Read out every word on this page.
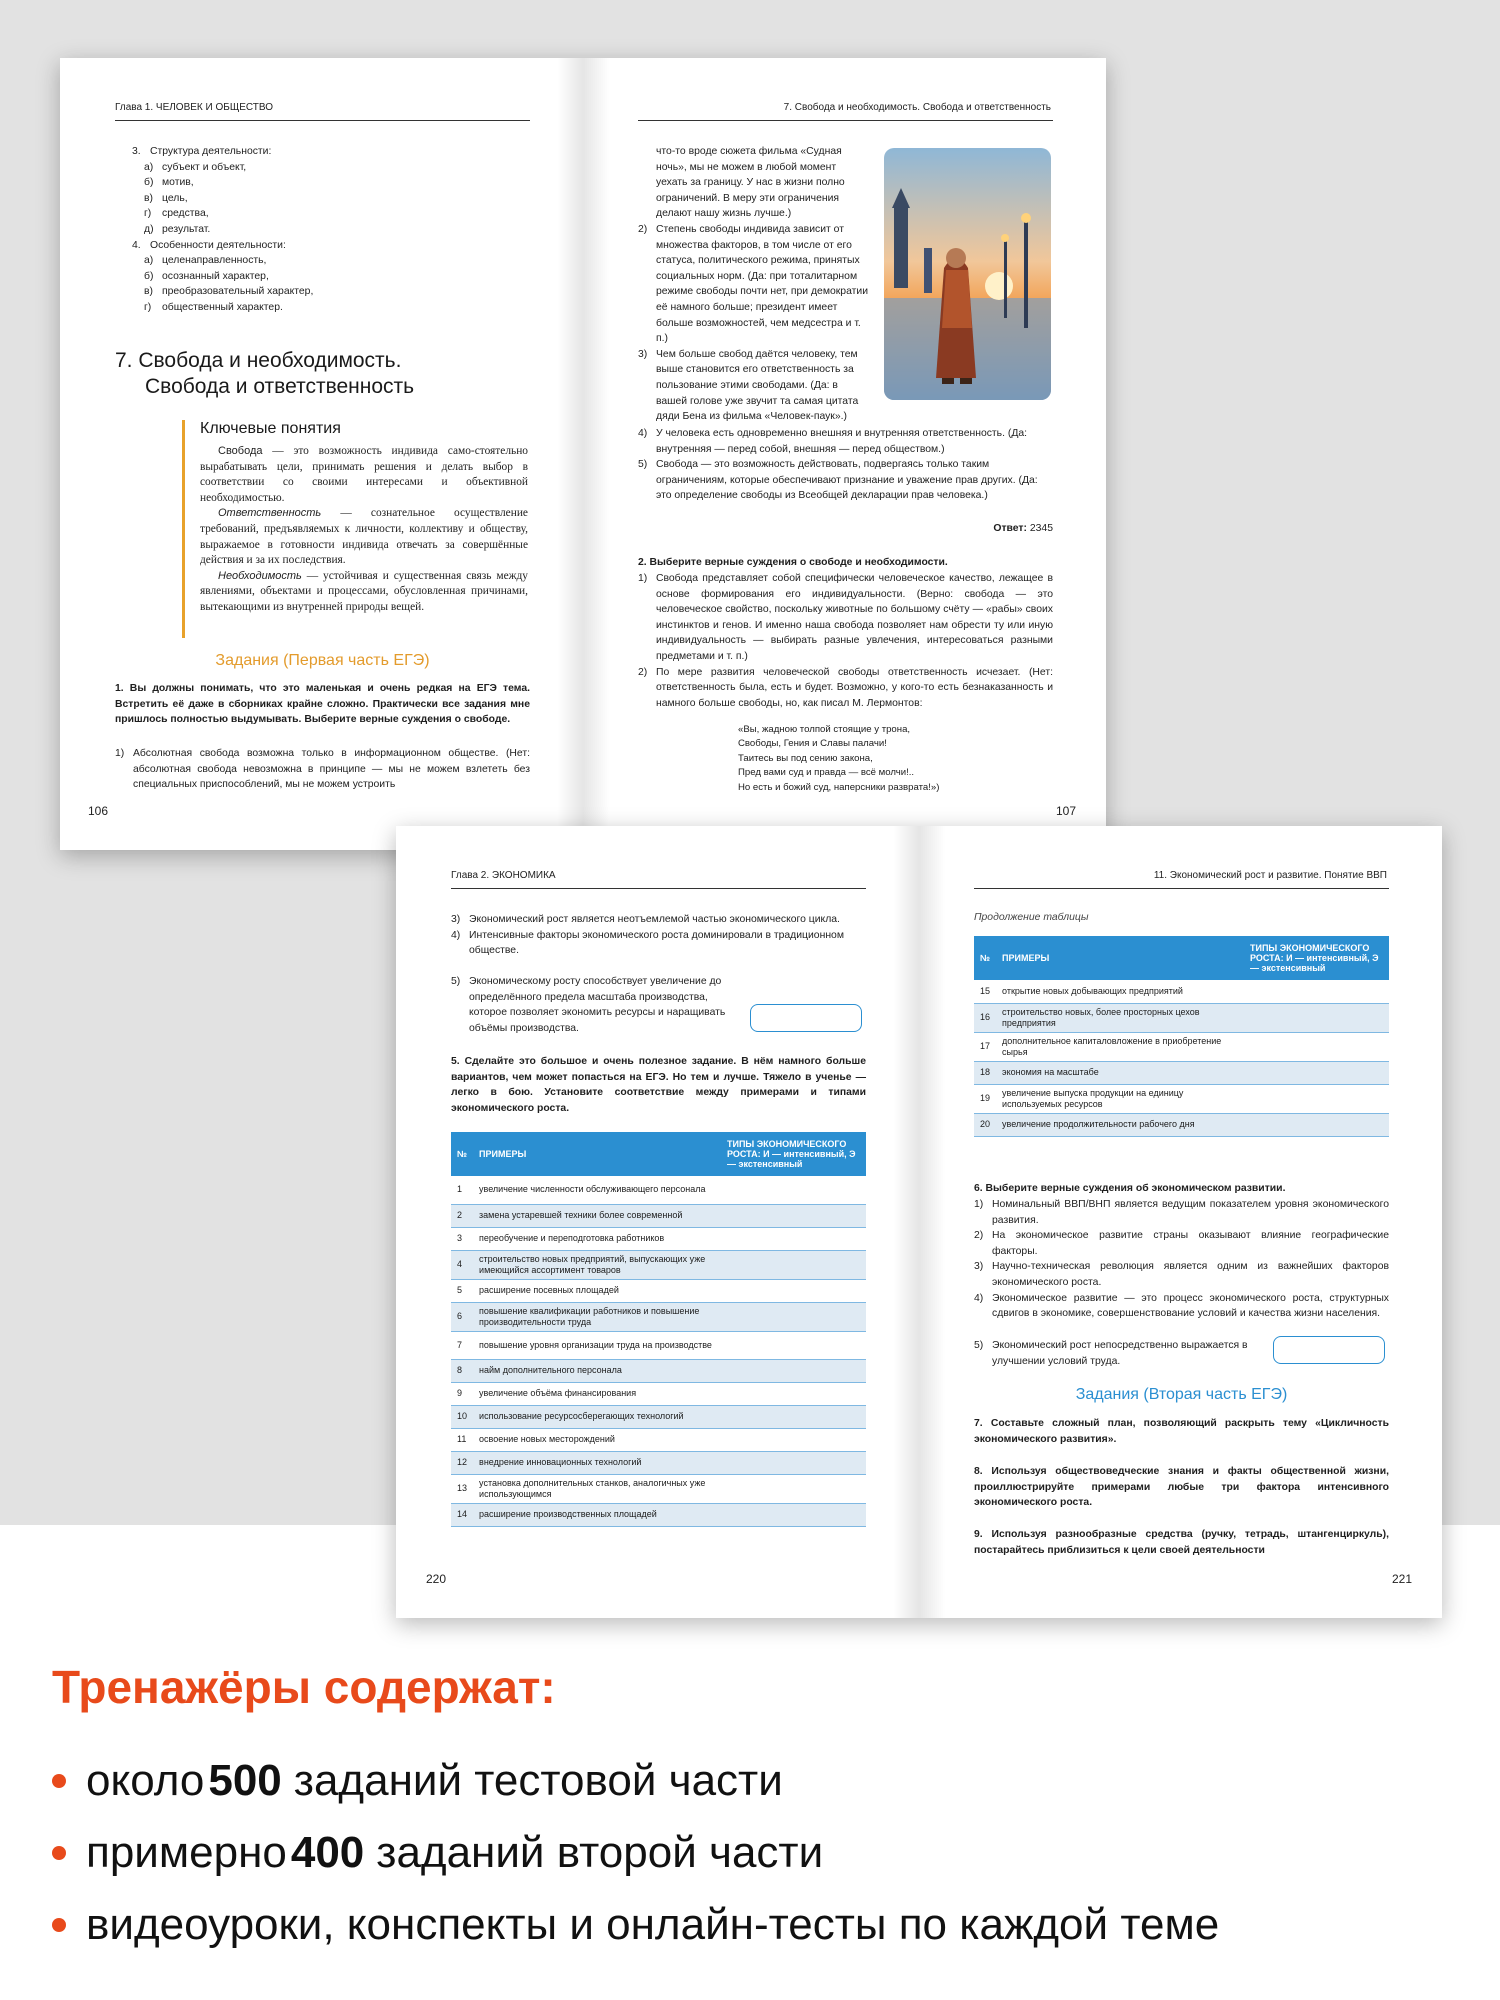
Глава 1. ЧЕЛОВЕК И ОБЩЕСТВО
3. Структура деятельности:
а) субъект и объект,
б) мотив,
в) цель,
г)	средства,
д) результат.
4. Особенности деятельности:
а) целенаправленность,
б) осознанный характер,
в) преобразовательный характер,
г)	общественный характер.
7. Свобода и необходимость.
Свобода и ответственность
Ключевые понятия

Свобода — это возможность индивида само-стоятельно вырабатывать цели, принимать решения и делать выбор в соответствии со своими интересами и объективной необходимостью.

Ответственность — сознательное осуществление требований, предъявляемых к личности, коллективу и обществу, выражаемое в готовности индивида отвечать за совершённые действия и за их последствия.

Необходимость — устойчивая и существенная связь между явлениями, объектами и процессами, обусловленная причинами, вытекающими из внутренней природы вещей.

Задания (Первая часть ЕГЭ)
1. Вы должны понимать, что это маленькая и очень редкая на ЕГЭ тема. Встретить её даже в сборниках крайне сложно. Практически все задания мне пришлось полностью выдумывать. Выберите верные суждения о свободе.
1) Абсолютная свобода возможна только в информационном обществе. (Нет: абсолютная свобода невозможна в принципе — мы не можем взлететь без специальных приспособлений, мы не можем устроить
106
7. Свобода и необходимость. Свобода и ответственность
что-то вроде сюжета фильма «Судная ночь», мы не можем в любой момент уехать за границу. У нас в жизни полно ограничений. В меру эти ограничения делают нашу жизнь лучше.)
2) Степень свободы индивида зависит от множества факторов, в том числе от его статуса, политического режима, принятых социальных норм. (Да: при тоталитарном режиме свободы почти нет, при демократии её намного больше; президент имеет больше возможностей, чем медсестра и т. п.)
3) Чем больше свобод даётся человеку, тем выше становится его ответственность за пользование этими свободами. (Да: в вашей голове уже звучит та самая цитата дяди Бена из фильма «Человек-паук».)
4) У человека есть одновременно внешняя и внутренняя ответственность. (Да: внутренняя — перед собой, внешняя — перед обществом.)
5) Свобода — это возможность действовать, подвергаясь только таким ограничениям, которые обеспечивают признание и уважение прав других. (Да: это определение свободы из Всеобщей декларации прав человека.)
Ответ: 2345
2. Выберите верные суждения о свободе и необходимости.
1) Свобода представляет собой специфически человеческое качество, лежащее в основе формирования его индивидуальности. (Верно: свобода — это человеческое свойство, поскольку животные по большому счёту — «рабы» своих инстинктов и генов. И именно наша свобода позволяет нам обрести ту или иную индивидуальность — выбирать разные увлечения, интересоваться разными предметами и т. п.)
2) По мере развития человеческой свободы ответственность исчезает. (Нет: ответственность была, есть и будет. Возможно, у кого-то есть безнаказанность и намного больше свободы, но, как писал М. Лермонтов:
«Вы, жадною толпой стоящие у трона,
Свободы, Гения и Славы палачи!
Таитесь вы под сению закона,
Пред вами суд и правда — всё молчи!..
Но есть и божий суд, наперсники разврата!»)
107
Глава 2. ЭКОНОМИКА
3) Экономический рост является неотъемлемой частью экономического цикла.
4) Интенсивные факторы экономического роста доминировали в традиционном обществе.
5) Экономическому росту способствует увеличение до определённого предела масштаба производства, которое позволяет экономить ресурсы и наращивать объёмы производства.
5. Сделайте это большое и очень полезное задание. В нём намного больше вариантов, чем может попасться на ЕГЭ. Но тем и лучше. Тяжело в ученье — легко в бою. Установите соответствие между примерами и типами экономического роста.
№	ПРИМЕРЫ	ТИПЫ ЭКОНОМИЧЕСКОГО РОСТА: И — интенсивный, Э — экстенсивный
1	увеличение численности обслуживающего персонала	
2	замена устаревшей техники более современной	
3	переобучение и переподготовка работников	
4	строительство новых предприятий, выпускающих уже имеющийся ассортимент товаров	
5	расширение посевных площадей	
6	повышение квалификации работников и повышение производительности труда	
7	повышение уровня организации труда на производстве	
8	найм дополнительного персонала	
9	увеличение объёма финансирования	
10	использование ресурсосберегающих технологий	
11	освоение новых месторождений	
12	внедрение инновационных технологий	
13	установка дополнительных станков, аналогичных уже использующимся	
14	расширение производственных площадей	
220
11. Экономический рост и развитие. Понятие ВВП
Продолжение таблицы
№	ПРИМЕРЫ	ТИПЫ ЭКОНОМИЧЕСКОГО РОСТА: И — интенсивный, Э — экстенсивный
15	открытие новых добывающих предприятий	
16	строительство новых, более просторных цехов предприятия	
17	дополнительное капиталовложение в приобретение сырья	
18	экономия на масштабе	
19	увеличение выпуска продукции на единицу используемых ресурсов	
20	увеличение продолжительности рабочего дня	
6. Выберите верные суждения об экономическом развитии.
1) Номинальный ВВП/ВНП является ведущим показателем уровня экономического развития.
2) На экономическое развитие страны оказывают влияние географические факторы.
3) Научно-техническая революция является одним из важнейших факторов экономического роста.
4) Экономическое развитие — это процесс экономического роста, структурных сдвигов в экономике, совершенствование условий и качества жизни населения.
5) Экономический рост непосредственно выражается в улучшении условий труда.
Задания (Вторая часть ЕГЭ)
7. Составьте сложный план, позволяющий раскрыть тему «Цикличность экономического развития».
8. Используя обществоведческие знания и факты общественной жизни, проиллюстрируйте примерами любые три фактора интенсивного экономического роста.
9. Используя разнообразные средства (ручку, тетрадь, штангенциркуль), постарайтесь приблизиться к цели своей деятельности
221
Тренажёры содержат:
около 500 заданий тестовой части
примерно 400 заданий второй части
видеоуроки, конспекты и онлайн-тесты по каждой теме
